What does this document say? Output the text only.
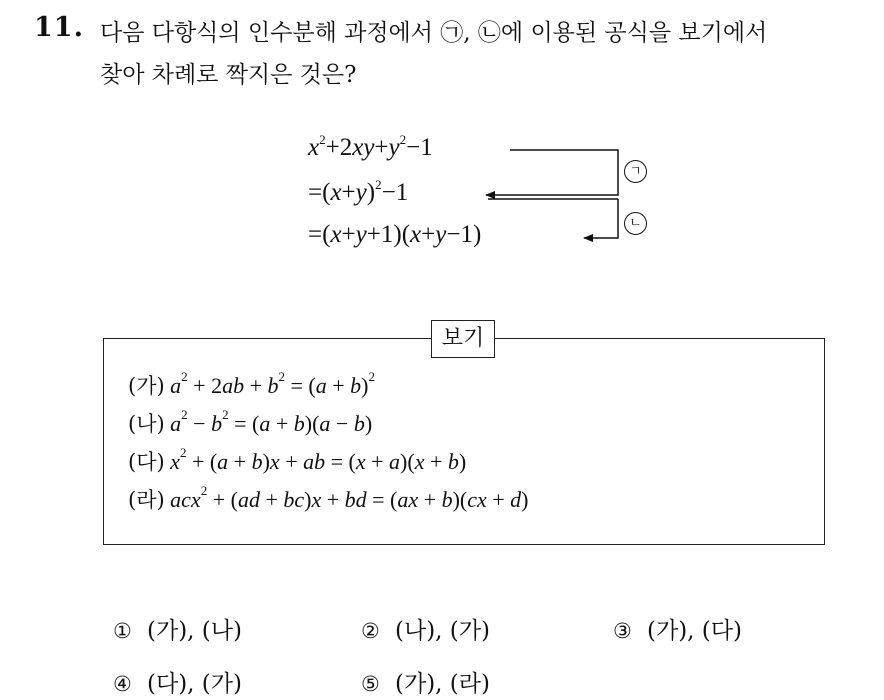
11. 다음 다항식의 인수분해 과정에서 ㉠, ㉡에 이용된 공식을 보기에서
찾아 차례로 짝지은 것은?
$x^2+2xy+y^2-1$
$=(x+y)^2-1$
=(x+y+1)(x+y−1)
ㄱ
ㄴ
보기
(가) $a^2 + 2ab + b^2 = (a + b)^2$
(나) $a^2 - b^2 = (a + b)(a - b)$
(다) $x^2 + (a + b)x$ + ab = (x + a)(x + b)
(라) acx$^2$ + (ad + bc)x + bd = (ax + b)(cx + d)
① (가), (나)	② (나), (가)	③ (가), (다)
④ (다), (가)	⑤ (가), (라)
